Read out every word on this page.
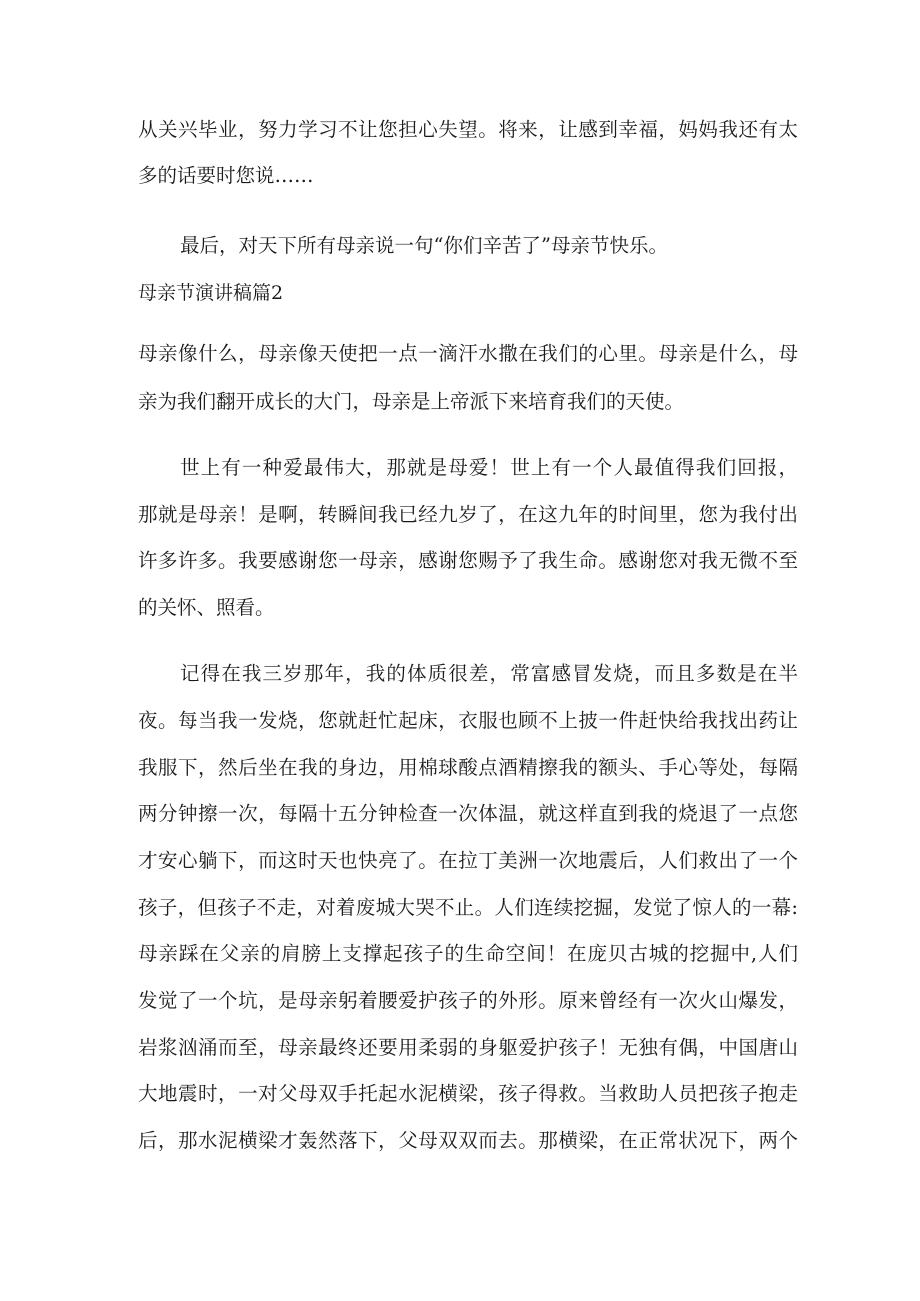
从关兴毕业，努力学习不让您担心失望。将来，让感到幸福，妈妈我还有太
多的话要时您说……
最后，对天下所有母亲说一句“你们辛苦了”母亲节快乐。
母亲节演讲稿篇2
母亲像什么，母亲像天使把一点一滴汗水撒在我们的心里。母亲是什么，母
亲为我们翻开成长的大门，母亲是上帝派下来培育我们的天使。
世上有一种爱最伟大，那就是母爱！世上有一个人最值得我们回报，
那就是母亲！是啊，转瞬间我已经九岁了，在这九年的时间里，您为我付出
许多许多。我要感谢您一母亲，感谢您赐予了我生命。感谢您对我无微不至
的关怀、照看。
记得在我三岁那年，我的体质很差，常富感冒发烧，而且多数是在半
夜。每当我一发烧，您就赶忙起床，衣服也顾不上披一件赶快给我找出药让
我服下，然后坐在我的身边，用棉球酸点酒精擦我的额头、手心等处，每隔
两分钟擦一次，每隔十五分钟检查一次体温，就这样直到我的烧退了一点您
才安心躺下，而这时天也快亮了。在拉丁美洲一次地震后，人们救出了一个
孩子，但孩子不走，对着废城大哭不止。人们连续挖掘，发觉了惊人的一幕:
母亲踩在父亲的肩膀上支撑起孩子的生命空间！在庞贝古城的挖掘中,人们
发觉了一个坑，是母亲躬着腰爱护孩子的外形。原来曾经有一次火山爆发，
岩浆汹涌而至，母亲最终还要用柔弱的身躯爱护孩子！无独有偶，中国唐山
大地震时，一对父母双手托起水泥横梁，孩子得救。当救助人员把孩子抱走
后，那水泥横梁才轰然落下，父母双双而去。那横梁，在正常状况下，两个
